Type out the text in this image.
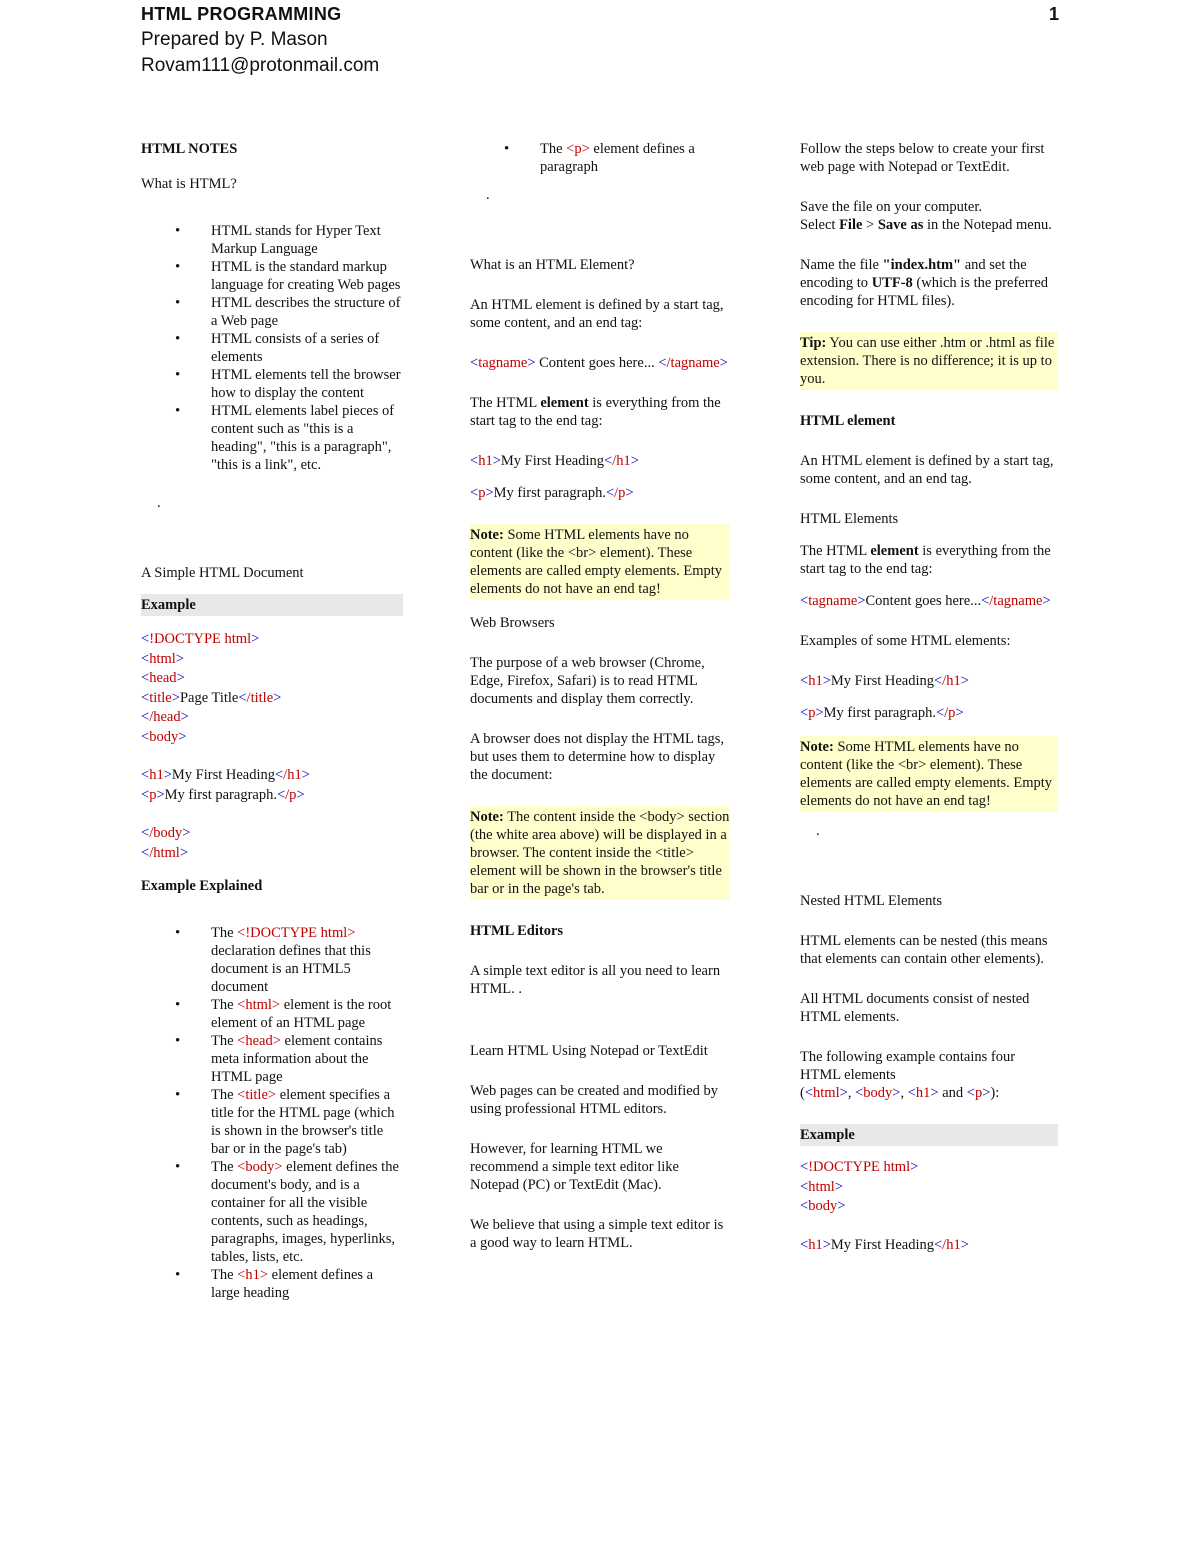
HTML PROGRAMMING
Prepared by P. Mason
Rovam111@protonmail.com
1

HTML NOTES

What is HTML?

• HTML stands for Hyper Text Markup Language
• HTML is the standard markup language for creating Web pages
• HTML describes the structure of a Web page
• HTML consists of a series of elements
• HTML elements tell the browser how to display the content
• HTML elements label pieces of content such as "this is a heading", "this is a paragraph", "this is a link", etc.

.

A Simple HTML Document

Example

<!DOCTYPE html>
<html>
<head>
<title>Page Title</title>
</head>
<body>
<h1>My First Heading</h1>
<p>My first paragraph.</p>
</body>
</html>

Example Explained

• The <!DOCTYPE html> declaration defines that this document is an HTML5 document
• The <html> element is the root element of an HTML page
• The <head> element contains meta information about the HTML page
• The <title> element specifies a title for the HTML page (which is shown in the browser's title bar or in the page's tab)
• The <body> element defines the document's body, and is a container for all the visible contents, such as headings, paragraphs, images, hyperlinks, tables, lists, etc.
• The <h1> element defines a large heading
• The <p> element defines a paragraph

.

What is an HTML Element?

An HTML element is defined by a start tag, some content, and an end tag:

<tagname> Content goes here... </tagname>

The HTML element is everything from the start tag to the end tag:

<h1>My First Heading</h1>

<p>My first paragraph.</p>

Note: Some HTML elements have no content (like the <br> element). These elements are called empty elements. Empty elements do not have an end tag!

Web Browsers

The purpose of a web browser (Chrome, Edge, Firefox, Safari) is to read HTML documents and display them correctly.

A browser does not display the HTML tags, but uses them to determine how to display the document:

Note: The content inside the <body> section (the white area above) will be displayed in a browser. The content inside the <title> element will be shown in the browser's title bar or in the page's tab.

HTML Editors

A simple text editor is all you need to learn HTML. .

Learn HTML Using Notepad or TextEdit

Web pages can be created and modified by using professional HTML editors.

However, for learning HTML we recommend a simple text editor like Notepad (PC) or TextEdit (Mac).

We believe that using a simple text editor is a good way to learn HTML.

Follow the steps below to create your first web page with Notepad or TextEdit.

Save the file on your computer.
Select File > Save as in the Notepad menu.

Name the file "index.htm" and set the encoding to UTF-8 (which is the preferred encoding for HTML files).

Tip: You can use either .htm or .html as file extension. There is no difference; it is up to you.

HTML element

An HTML element is defined by a start tag, some content, and an end tag.

HTML Elements

The HTML element is everything from the start tag to the end tag:

<tagname>Content goes here...</tagname>

Examples of some HTML elements:

<h1>My First Heading</h1>

<p>My first paragraph.</p>

Note: Some HTML elements have no content (like the <br> element). These elements are called empty elements. Empty elements do not have an end tag!

.

Nested HTML Elements

HTML elements can be nested (this means that elements can contain other elements).

All HTML documents consist of nested HTML elements.

The following example contains four HTML elements
(<html>, <body>, <h1> and <p>):

Example

<!DOCTYPE html>
<html>
<body>
<h1>My First Heading</h1>
